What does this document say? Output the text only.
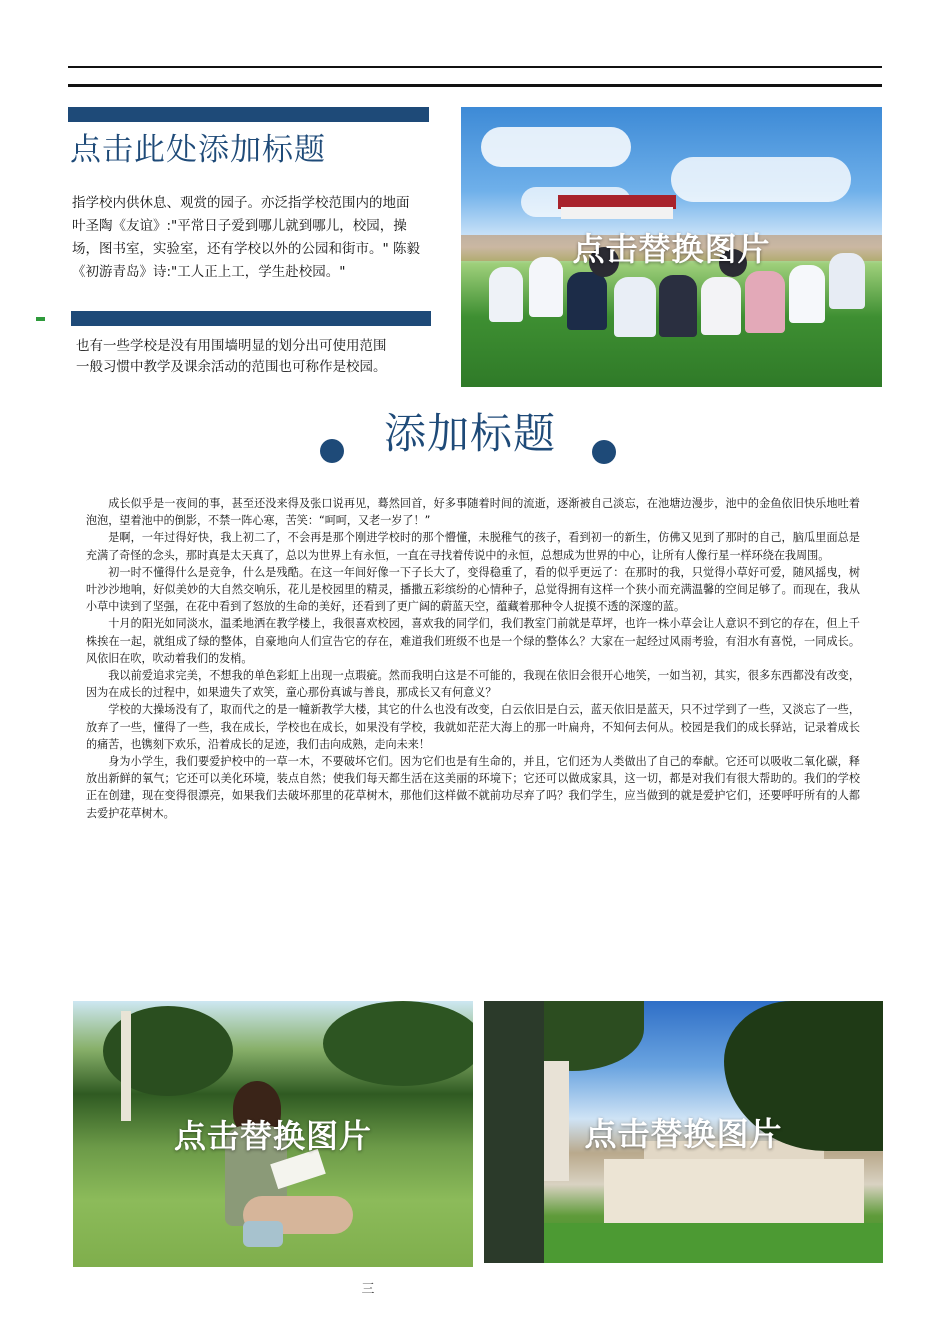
点击此处添加标题
指学校内供休息、观赏的园子。亦泛指学校范围内的地面
叶圣陶《友谊》:"平常日子爱到哪儿就到哪儿，校园，操
场，图书室，实验室，还有学校以外的公园和街市。" 陈毅
《初游青岛》诗:"工人正上工，学生赴校园。"
也有一些学校是没有用围墙明显的划分出可使用范围
一般习惯中教学及课余活动的范围也可称作是校园。
点击替换图片
添加标题

成长似乎是一夜间的事，甚至还没来得及张口说再见，蓦然回首，好多事随着时间的流逝，逐渐被自己淡忘，在池塘边漫步，池中的金鱼依旧快乐地吐着泡泡，望着池中的倒影，不禁一阵心寒，苦笑：“呵呵，又老一岁了！”

是啊，一年过得好快，我上初二了，不会再是那个刚进学校时的那个懵懂，未脱稚气的孩子，看到初一的新生，仿佛又见到了那时的自己，脑瓜里面总是充满了奇怪的念头，那时真是太天真了，总以为世界上有永恒，一直在寻找着传说中的永恒，总想成为世界的中心，让所有人像行星一样环绕在我周围。

初一时不懂得什么是竞争，什么是残酷。在这一年间好像一下子长大了，变得稳重了，看的似乎更远了：在那时的我，只觉得小草好可爱，随风摇曳，树叶沙沙地响，好似美妙的大自然交响乐，花儿是校园里的精灵，播撒五彩缤纷的心情种子，总觉得拥有这样一个狭小而充满温馨的空间足够了。而现在，我从小草中读到了坚强，在花中看到了怒放的生命的美好，还看到了更广阔的蔚蓝天空，蕴藏着那种令人捉摸不透的深邃的蓝。

十月的阳光如同淡水，温柔地洒在教学楼上，我很喜欢校园，喜欢我的同学们，我们教室门前就是草坪，也许一株小草会让人意识不到它的存在，但上千株挨在一起，就组成了绿的整体，自豪地向人们宣告它的存在，难道我们班级不也是一个绿的整体么？大家在一起经过风雨考验，有泪水有喜悦，一同成长。风依旧在吹，吹动着我们的发梢。

我以前爱追求完美，不想我的单色彩虹上出现一点瑕疵。然而我明白这是不可能的，我现在依旧会很开心地笑，一如当初，其实，很多东西都没有改变，因为在成长的过程中，如果遗失了欢笑，童心那份真诚与善良，那成长又有何意义？

学校的大操场没有了，取而代之的是一幢新教学大楼，其它的什么也没有改变，白云依旧是白云，蓝天依旧是蓝天，只不过学到了一些，又淡忘了一些，放弃了一些，懂得了一些，我在成长，学校也在成长，如果没有学校，我就如茫茫大海上的那一叶扁舟，不知何去何从。校园是我们的成长驿站，记录着成长的痛苦，也镌刻下欢乐，沿着成长的足迹，我们击向成熟，走向未来！

身为小学生，我们要爱护校中的一草一木，不要破坏它们。因为它们也是有生命的，并且，它们还为人类做出了自己的奉献。它还可以吸收二氧化碳，释放出新鲜的氧气；它还可以美化环境，装点自然；使我们每天都生活在这美丽的环境下；它还可以做成家具，这一切，都是对我们有很大帮助的。我们的学校正在创建，现在变得很漂亮，如果我们去破坏那里的花草树木，那他们这样做不就前功尽弃了吗？我们学生，应当做到的就是爱护它们，还要呼吁所有的人都去爱护花草树木。

点击替换图片	点击替换图片
三
